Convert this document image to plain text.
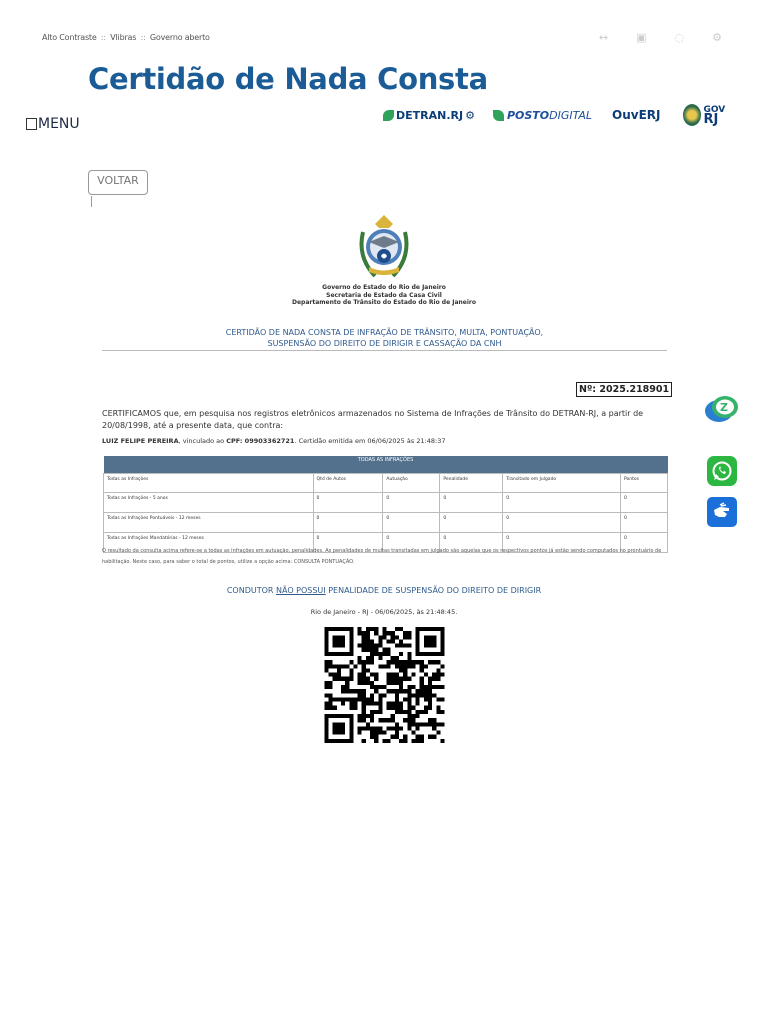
Alto Contraste :: Vlibras :: Governo aberto	↔	▣	◌	⚙
Certidão de Nada Consta
MENU
DETRAN.RJ ⚙	POSTO DIGITAL OuvERJ	GOV
RJ
VOLTAR
Governo do Estado do Rio de Janeiro
Secretaria de Estado da Casa Civil
Departamento de Trânsito do Estado do Rio de Janeiro
CERTIDÃO DE NADA CONSTA DE INFRAÇÃO DE TRÂNSITO, MULTA, PONTUAÇÃO,
SUSPENSÃO DO DIREITO DE DIRIGIR E CASSAÇÃO DA CNH
Nº: 2025.218901
CERTIFICAMOS que, em pesquisa nos registros eletrônicos armazenados no Sistema de Infrações de Trânsito do DETRAN-RJ, a partir de 20/08/1998, até a presente data, que contra:
LUIZ FELIPE PEREIRA, vinculado ao CPF: 09903362721. Certidão emitida em 06/06/2025 às 21:48:37
TODAS AS INFRAÇÕES					
Todas as Infrações	Qtd de Autos	Autuação	Penalidade	Transitado em Julgado	Pontos
Todas as Infrações - 5 anos	0	0	0	0	0
Todas as Infrações Pontuáveis - 12 meses	0	0	0	0	0
Todas as Infrações Mandatórias - 12 meses	0	0	0	0	0
O resultado da consulta acima refere-se a todas as infrações em autuação, penalidades. As penalidades de multas transitadas em julgado são aquelas que os respectivos pontos já estão sendo computados no prontuário de habilitação. Neste caso, para saber o total de pontos, utilize a opção acima: CONSULTA PONTUAÇÃO.
CONDUTOR NÃO POSSUI PENALIDADE DE SUSPENSÃO DO DIREITO DE DIRIGIR
Rio de Janeiro - RJ - 06/06/2025, às 21:48:45.
Z
